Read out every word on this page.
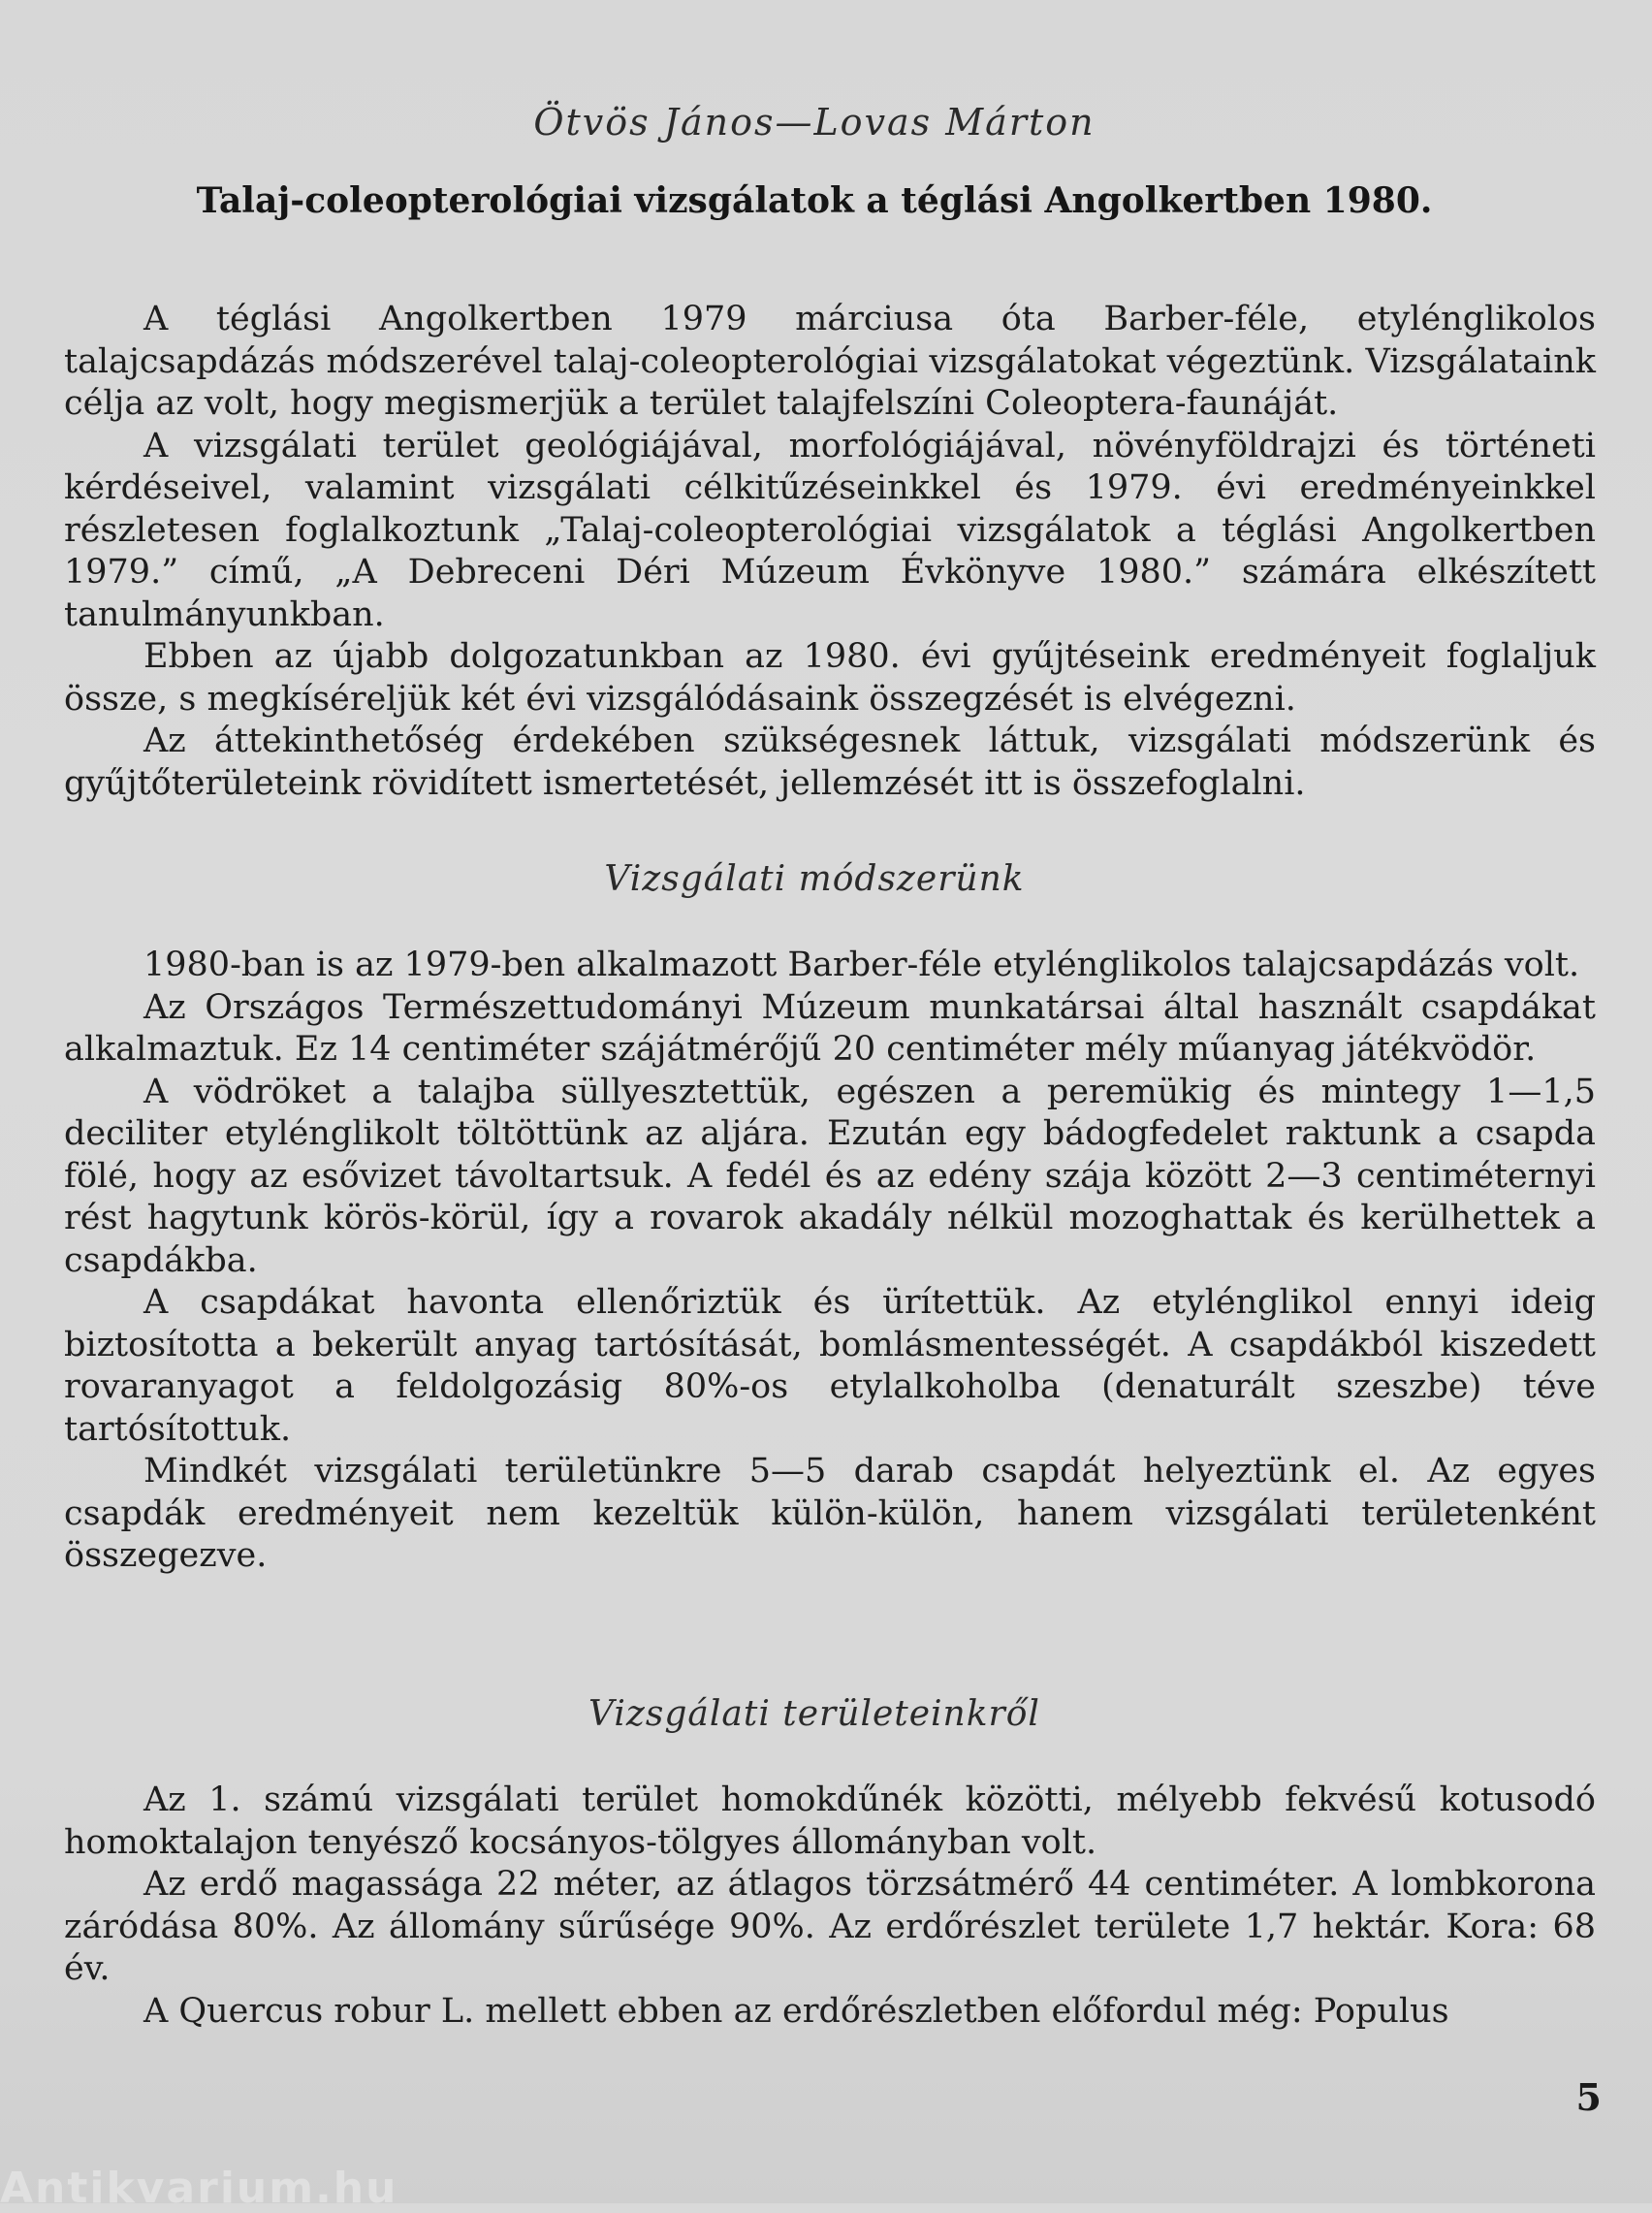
Ötvös János—Lovas Márton
Talaj-coleopterológiai vizsgálatok a téglási Angolkertben 1980.

A téglási Angolkertben 1979 márciusa óta Barber-féle, etylénglikolos talajcsapdázás módszerével talaj-coleopterológiai vizsgálatokat végeztünk. Vizsgálataink célja az volt, hogy megismerjük a terület talajfelszíni Coleoptera-faunáját.

A vizsgálati terület geológiájával, morfológiájával, növényföldrajzi és történeti kérdéseivel, valamint vizsgálati célkitűzéseinkkel és 1979. évi eredményeinkkel részletesen foglalkoztunk „Talaj-coleopterológiai vizsgálatok a téglási Angolkertben 1979.” című, „A Debreceni Déri Múzeum Évkönyve 1980.” számára elkészített tanulmányunkban.

Ebben az újabb dolgozatunkban az 1980. évi gyűjtéseink eredményeit foglaljuk össze, s megkíséreljük két évi vizsgálódásaink összegzését is elvégezni.

Az áttekinthetőség érdekében szükségesnek láttuk, vizsgálati módszerünk és gyűjtőterületeink rövidített ismertetését, jellemzését itt is összefoglalni.

Vizsgálati módszerünk

1980-ban is az 1979-ben alkalmazott Barber-féle etylénglikolos talajcsapdázás volt.

Az Országos Természettudományi Múzeum munkatársai által használt csapdákat alkalmaztuk. Ez 14 centiméter szájátmérőjű 20 centiméter mély műanyag játékvödör.

A vödröket a talajba süllyesztettük, egészen a peremükig és mintegy 1—1,5 deciliter etylénglikolt töltöttünk az aljára. Ezután egy bádogfedelet raktunk a csapda fölé, hogy az esővizet távoltartsuk. A fedél és az edény szája között 2—3 centiméternyi rést hagytunk körös-körül, így a rovarok akadály nélkül mozoghattak és kerülhettek a csapdákba.

A csapdákat havonta ellenőriztük és ürítettük. Az etylénglikol ennyi ideig biztosította a bekerült anyag tartósítását, bomlásmentességét. A csapdákból kiszedett rovaranyagot a feldolgozásig 80%-os etylalkoholba (denaturált szeszbe) téve tartósítottuk.

Mindkét vizsgálati területünkre 5—5 darab csapdát helyeztünk el. Az egyes csapdák eredményeit nem kezeltük külön-külön, hanem vizsgálati területenként összegezve.

Vizsgálati területeinkről

Az 1. számú vizsgálati terület homokdűnék közötti, mélyebb fekvésű kotusodó homoktalajon tenyésző kocsányos-tölgyes állományban volt.

Az erdő magassága 22 méter, az átlagos törzsátmérő 44 centiméter. A lombkorona záródása 80%. Az állomány sűrűsége 90%. Az erdőrészlet területe 1,7 hektár. Kora: 68 év.

A Quercus robur L. mellett ebben az erdőrészletben előfordul még: Populus

5
Antikvarium.hu
